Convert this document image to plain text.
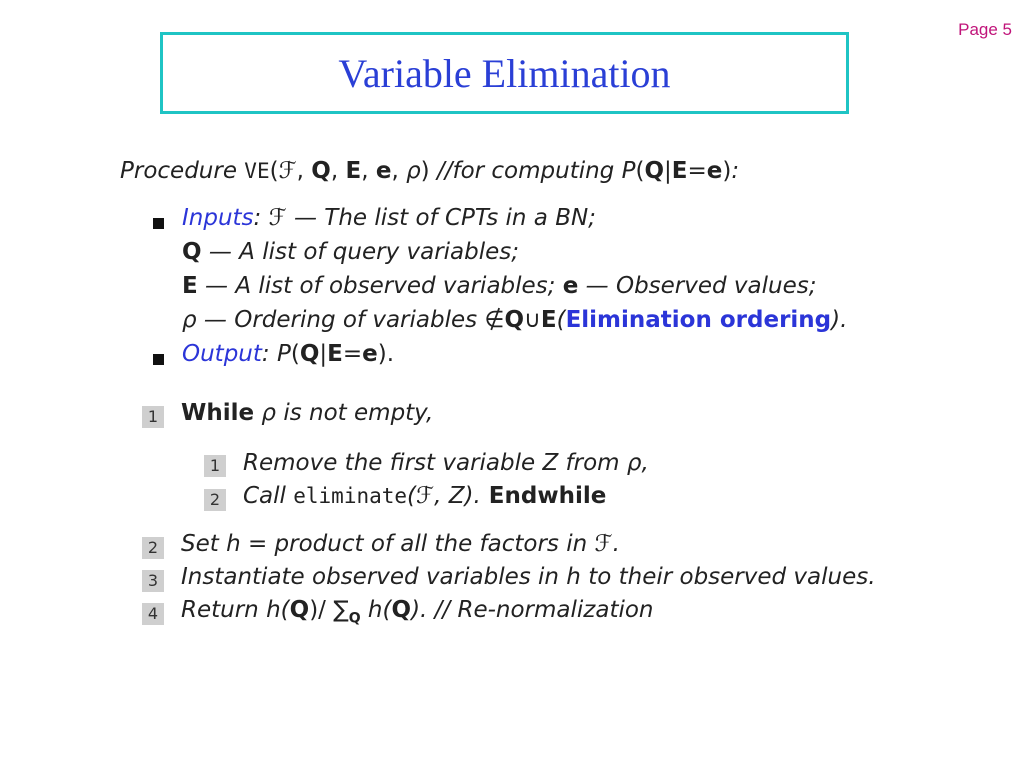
Page 5
Variable Elimination
Procedure VE(ℱ, Q, E, e, ρ) //for computing P(Q|E=e):
Inputs: ℱ — The list of CPTs in a BN;
Q — A list of query variables;
E — A list of observed variables; e — Observed values;
ρ — Ordering of variables ∉Q∪E(Elimination ordering).
Output: P(Q|E=e).
1 While ρ is not empty,
1 Remove the first variable Z from ρ,
2 Call eliminate(ℱ, Z). Endwhile
2 Set h = product of all the factors in ℱ.
3 Instantiate observed variables in h to their observed values.
4 Return h(Q)/ $\sum_Q$ h(Q). // Re-normalization
